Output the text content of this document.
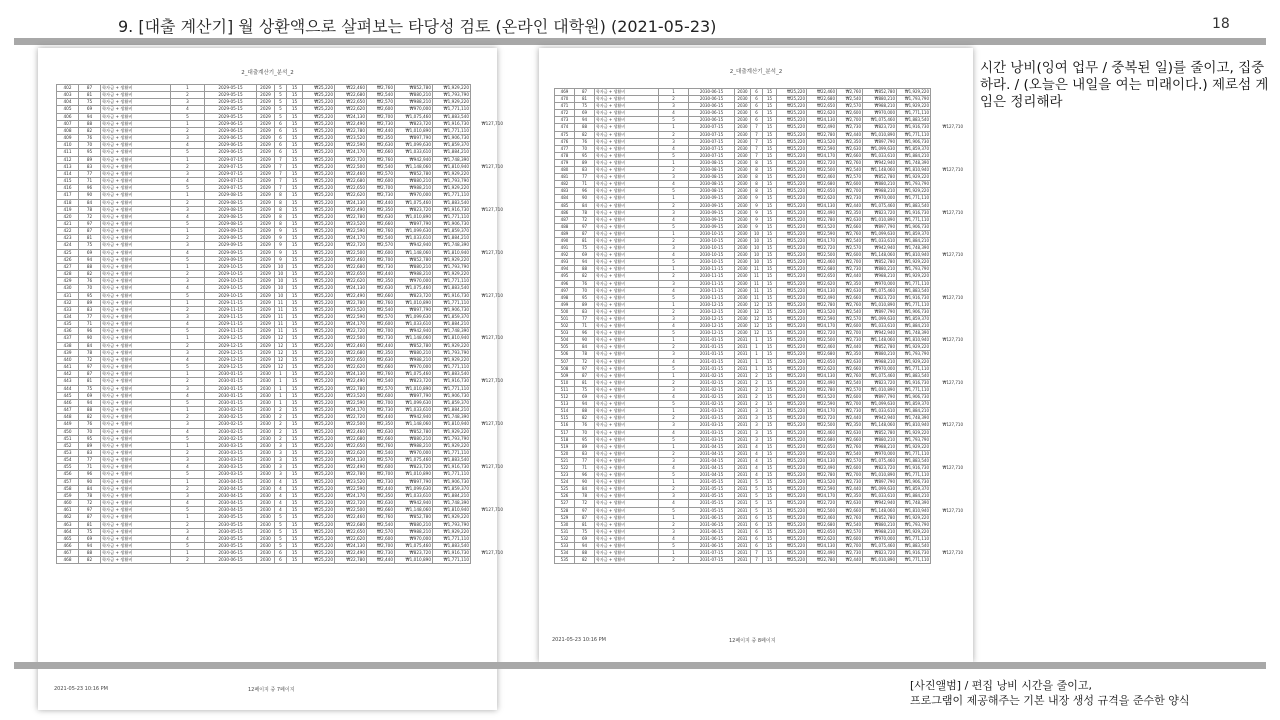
9. [대출 계산기] 월 상환액으로 살펴보는 타당성 검토 (온라인 대학원) (2021-05-23)	18
2_대출계산기_분석_2
402	87	학자금 + 생활비	1	2029-05-15	2029	5	15	₩25,220	₩22,460	₩2,760	₩852,780	₩1,929,220		
403	81	학자금 + 생활비	2	2029-05-15	2029	5	15	₩25,220	₩22,680	₩2,540	₩880,210	₩1,793,790		
404	75	학자금 + 생활비	3	2029-05-15	2029	5	15	₩25,220	₩22,650	₩2,570	₩988,210	₩1,929,220		
405	69	학자금 + 생활비	4	2029-05-15	2029	5	15	₩25,220	₩22,620	₩2,600	₩970,000	₩1,771,110		
406	94	학자금 + 생활비	5	2029-05-15	2029	5	15	₩25,220	₩24,130	₩2,700	₩1,075,460	₩1,883,540		
407	88	학자금 + 생활비	1	2029-06-15	2029	6	15	₩25,220	₩22,490	₩2,730	₩823,720	₩1,916,730	₩127,710	
408	82	학자금 + 생활비	2	2029-06-15	2029	6	15	₩25,220	₩22,780	₩2,440	₩1,010,890	₩1,771,110		
409	76	학자금 + 생활비	3	2029-06-15	2029	6	15	₩25,220	₩23,520	₩2,350	₩897,790	₩1,906,730		
410	70	학자금 + 생활비	4	2029-06-15	2029	6	15	₩25,220	₩22,590	₩2,630	₩1,099,630	₩1,859,370		
411	95	학자금 + 생활비	5	2029-06-15	2029	6	15	₩25,220	₩24,170	₩2,660	₩1,033,610	₩1,884,210		
412	89	학자금 + 생활비	1	2029-07-15	2029	7	15	₩25,220	₩22,720	₩2,760	₩942,940	₩1,748,390		
413	83	학자금 + 생활비	2	2029-07-15	2029	7	15	₩25,220	₩22,500	₩2,540	₩1,148,060	₩1,810,940	₩127,710	
414	77	학자금 + 생활비	3	2029-07-15	2029	7	15	₩25,220	₩22,460	₩2,570	₩852,780	₩1,929,220		
415	71	학자금 + 생활비	4	2029-07-15	2029	7	15	₩25,220	₩22,680	₩2,600	₩880,210	₩1,793,790		
416	96	학자금 + 생활비	5	2029-07-15	2029	7	15	₩25,220	₩22,650	₩2,700	₩988,210	₩1,929,220		
417	90	학자금 + 생활비	1	2029-08-15	2029	8	15	₩25,220	₩22,620	₩2,730	₩970,000	₩1,771,110		
418	84	학자금 + 생활비	2	2029-08-15	2029	8	15	₩25,220	₩24,130	₩2,440	₩1,075,460	₩1,883,540		
419	78	학자금 + 생활비	3	2029-08-15	2029	8	15	₩25,220	₩22,490	₩2,350	₩823,720	₩1,916,730	₩127,710	
420	72	학자금 + 생활비	4	2029-08-15	2029	8	15	₩25,220	₩22,780	₩2,630	₩1,010,890	₩1,771,110		
421	97	학자금 + 생활비	5	2029-08-15	2029	8	15	₩25,220	₩23,520	₩2,660	₩897,790	₩1,906,730		
422	87	학자금 + 생활비	1	2029-09-15	2029	9	15	₩25,220	₩22,590	₩2,760	₩1,099,630	₩1,859,370		
423	81	학자금 + 생활비	2	2029-09-15	2029	9	15	₩25,220	₩24,170	₩2,540	₩1,033,610	₩1,884,210		
424	75	학자금 + 생활비	3	2029-09-15	2029	9	15	₩25,220	₩22,720	₩2,570	₩942,940	₩1,748,390		
425	69	학자금 + 생활비	4	2029-09-15	2029	9	15	₩25,220	₩22,500	₩2,600	₩1,148,060	₩1,810,940	₩127,710	
426	94	학자금 + 생활비	5	2029-09-15	2029	9	15	₩25,220	₩22,460	₩2,700	₩852,780	₩1,929,220		
427	88	학자금 + 생활비	1	2029-10-15	2029	10	15	₩25,220	₩22,680	₩2,730	₩880,210	₩1,793,790		
428	82	학자금 + 생활비	2	2029-10-15	2029	10	15	₩25,220	₩22,650	₩2,440	₩988,210	₩1,929,220		
429	76	학자금 + 생활비	3	2029-10-15	2029	10	15	₩25,220	₩22,620	₩2,350	₩970,000	₩1,771,110		
430	70	학자금 + 생활비	4	2029-10-15	2029	10	15	₩25,220	₩24,130	₩2,630	₩1,075,460	₩1,883,540		
431	95	학자금 + 생활비	5	2029-10-15	2029	10	15	₩25,220	₩22,490	₩2,660	₩823,720	₩1,916,730	₩127,710	
432	89	학자금 + 생활비	1	2029-11-15	2029	11	15	₩25,220	₩22,780	₩2,760	₩1,010,890	₩1,771,110		
433	83	학자금 + 생활비	2	2029-11-15	2029	11	15	₩25,220	₩23,520	₩2,540	₩897,790	₩1,906,730		
434	77	학자금 + 생활비	3	2029-11-15	2029	11	15	₩25,220	₩22,590	₩2,570	₩1,099,630	₩1,859,370		
435	71	학자금 + 생활비	4	2029-11-15	2029	11	15	₩25,220	₩24,170	₩2,600	₩1,033,610	₩1,884,210		
436	96	학자금 + 생활비	5	2029-11-15	2029	11	15	₩25,220	₩22,720	₩2,700	₩942,940	₩1,748,390		
437	90	학자금 + 생활비	1	2029-12-15	2029	12	15	₩25,220	₩22,500	₩2,730	₩1,148,060	₩1,810,940	₩127,710	
438	84	학자금 + 생활비	2	2029-12-15	2029	12	15	₩25,220	₩22,460	₩2,440	₩852,780	₩1,929,220		
439	78	학자금 + 생활비	3	2029-12-15	2029	12	15	₩25,220	₩22,680	₩2,350	₩880,210	₩1,793,790		
440	72	학자금 + 생활비	4	2029-12-15	2029	12	15	₩25,220	₩22,650	₩2,630	₩988,210	₩1,929,220		
441	97	학자금 + 생활비	5	2029-12-15	2029	12	15	₩25,220	₩22,620	₩2,660	₩970,000	₩1,771,110		
442	87	학자금 + 생활비	1	2030-01-15	2030	1	15	₩25,220	₩24,130	₩2,760	₩1,075,460	₩1,883,540		
443	81	학자금 + 생활비	2	2030-01-15	2030	1	15	₩25,220	₩22,490	₩2,540	₩823,720	₩1,916,730	₩127,710	
444	75	학자금 + 생활비	3	2030-01-15	2030	1	15	₩25,220	₩22,780	₩2,570	₩1,010,890	₩1,771,110		
445	69	학자금 + 생활비	4	2030-01-15	2030	1	15	₩25,220	₩23,520	₩2,600	₩897,790	₩1,906,730		
446	94	학자금 + 생활비	5	2030-01-15	2030	1	15	₩25,220	₩22,590	₩2,700	₩1,099,630	₩1,859,370		
447	88	학자금 + 생활비	1	2030-02-15	2030	2	15	₩25,220	₩24,170	₩2,730	₩1,033,610	₩1,884,210		
448	82	학자금 + 생활비	2	2030-02-15	2030	2	15	₩25,220	₩22,720	₩2,440	₩942,940	₩1,748,390		
449	76	학자금 + 생활비	3	2030-02-15	2030	2	15	₩25,220	₩22,500	₩2,350	₩1,148,060	₩1,810,940	₩127,710	
450	70	학자금 + 생활비	4	2030-02-15	2030	2	15	₩25,220	₩22,460	₩2,630	₩852,780	₩1,929,220		
451	95	학자금 + 생활비	5	2030-02-15	2030	2	15	₩25,220	₩22,680	₩2,660	₩880,210	₩1,793,790		
452	89	학자금 + 생활비	1	2030-03-15	2030	3	15	₩25,220	₩22,650	₩2,760	₩988,210	₩1,929,220		
453	83	학자금 + 생활비	2	2030-03-15	2030	3	15	₩25,220	₩22,620	₩2,540	₩970,000	₩1,771,110		
454	77	학자금 + 생활비	3	2030-03-15	2030	3	15	₩25,220	₩24,130	₩2,570	₩1,075,460	₩1,883,540		
455	71	학자금 + 생활비	4	2030-03-15	2030	3	15	₩25,220	₩22,490	₩2,600	₩823,720	₩1,916,730	₩127,710	
456	96	학자금 + 생활비	5	2030-03-15	2030	3	15	₩25,220	₩22,780	₩2,700	₩1,010,890	₩1,771,110		
457	90	학자금 + 생활비	1	2030-04-15	2030	4	15	₩25,220	₩23,520	₩2,730	₩897,790	₩1,906,730		
458	84	학자금 + 생활비	2	2030-04-15	2030	4	15	₩25,220	₩22,590	₩2,440	₩1,099,630	₩1,859,370		
459	78	학자금 + 생활비	3	2030-04-15	2030	4	15	₩25,220	₩24,170	₩2,350	₩1,033,610	₩1,884,210		
460	72	학자금 + 생활비	4	2030-04-15	2030	4	15	₩25,220	₩22,720	₩2,630	₩942,940	₩1,748,390		
461	97	학자금 + 생활비	5	2030-04-15	2030	4	15	₩25,220	₩22,500	₩2,660	₩1,148,060	₩1,810,940	₩127,710	
462	87	학자금 + 생활비	1	2030-05-15	2030	5	15	₩25,220	₩22,460	₩2,760	₩852,780	₩1,929,220		
463	81	학자금 + 생활비	2	2030-05-15	2030	5	15	₩25,220	₩22,680	₩2,540	₩880,210	₩1,793,790		
464	75	학자금 + 생활비	3	2030-05-15	2030	5	15	₩25,220	₩22,650	₩2,570	₩988,210	₩1,929,220		
465	69	학자금 + 생활비	4	2030-05-15	2030	5	15	₩25,220	₩22,620	₩2,600	₩970,000	₩1,771,110		
466	94	학자금 + 생활비	5	2030-05-15	2030	5	15	₩25,220	₩24,130	₩2,700	₩1,075,460	₩1,883,540		
467	88	학자금 + 생활비	1	2030-06-15	2030	6	15	₩25,220	₩22,490	₩2,730	₩823,720	₩1,916,730	₩127,710	
468	82	학자금 + 생활비	2	2030-06-15	2030	6	15	₩25,220	₩22,780	₩2,440	₩1,010,890	₩1,771,110		
2021-05-23 10:16 PM	12페이지 중 7페이지
2_대출계산기_분석_2
469	87	학자금 + 생활비	1	2030-06-15	2030	6	15	₩25,220	₩22,460	₩2,760	₩852,780	₩1,929,220		
470	81	학자금 + 생활비	2	2030-06-15	2030	6	15	₩25,220	₩22,680	₩2,540	₩880,210	₩1,793,790		
471	75	학자금 + 생활비	3	2030-06-15	2030	6	15	₩25,220	₩22,650	₩2,570	₩988,210	₩1,929,220		
472	69	학자금 + 생활비	4	2030-06-15	2030	6	15	₩25,220	₩22,620	₩2,600	₩970,000	₩1,771,110		
473	94	학자금 + 생활비	5	2030-06-15	2030	6	15	₩25,220	₩24,130	₩2,700	₩1,075,460	₩1,883,540		
474	88	학자금 + 생활비	1	2030-07-15	2030	7	15	₩25,220	₩22,490	₩2,730	₩823,720	₩1,916,730	₩127,710	
475	82	학자금 + 생활비	2	2030-07-15	2030	7	15	₩25,220	₩22,780	₩2,440	₩1,010,890	₩1,771,110		
476	76	학자금 + 생활비	3	2030-07-15	2030	7	15	₩25,220	₩23,520	₩2,350	₩897,790	₩1,906,730		
477	70	학자금 + 생활비	4	2030-07-15	2030	7	15	₩25,220	₩22,590	₩2,630	₩1,099,630	₩1,859,370		
478	95	학자금 + 생활비	5	2030-07-15	2030	7	15	₩25,220	₩24,170	₩2,660	₩1,033,610	₩1,884,210		
479	89	학자금 + 생활비	1	2030-08-15	2030	8	15	₩25,220	₩22,720	₩2,760	₩942,940	₩1,748,390		
480	83	학자금 + 생활비	2	2030-08-15	2030	8	15	₩25,220	₩22,500	₩2,540	₩1,148,060	₩1,810,940	₩127,710	
481	77	학자금 + 생활비	3	2030-08-15	2030	8	15	₩25,220	₩22,460	₩2,570	₩852,780	₩1,929,220		
482	71	학자금 + 생활비	4	2030-08-15	2030	8	15	₩25,220	₩22,680	₩2,600	₩880,210	₩1,793,790		
483	96	학자금 + 생활비	5	2030-08-15	2030	8	15	₩25,220	₩22,650	₩2,700	₩988,210	₩1,929,220		
484	90	학자금 + 생활비	1	2030-09-15	2030	9	15	₩25,220	₩22,620	₩2,730	₩970,000	₩1,771,110		
485	84	학자금 + 생활비	2	2030-09-15	2030	9	15	₩25,220	₩24,130	₩2,440	₩1,075,460	₩1,883,540		
486	78	학자금 + 생활비	3	2030-09-15	2030	9	15	₩25,220	₩22,490	₩2,350	₩823,720	₩1,916,730	₩127,710	
487	72	학자금 + 생활비	4	2030-09-15	2030	9	15	₩25,220	₩22,780	₩2,630	₩1,010,890	₩1,771,110		
488	97	학자금 + 생활비	5	2030-09-15	2030	9	15	₩25,220	₩23,520	₩2,660	₩897,790	₩1,906,730		
489	87	학자금 + 생활비	1	2030-10-15	2030	10	15	₩25,220	₩22,590	₩2,760	₩1,099,630	₩1,859,370		
490	81	학자금 + 생활비	2	2030-10-15	2030	10	15	₩25,220	₩24,170	₩2,540	₩1,033,610	₩1,884,210		
491	75	학자금 + 생활비	3	2030-10-15	2030	10	15	₩25,220	₩22,720	₩2,570	₩942,940	₩1,748,390		
492	69	학자금 + 생활비	4	2030-10-15	2030	10	15	₩25,220	₩22,500	₩2,600	₩1,148,060	₩1,810,940	₩127,710	
493	94	학자금 + 생활비	5	2030-10-15	2030	10	15	₩25,220	₩22,460	₩2,700	₩852,780	₩1,929,220		
494	88	학자금 + 생활비	1	2030-11-15	2030	11	15	₩25,220	₩22,680	₩2,730	₩880,210	₩1,793,790		
495	82	학자금 + 생활비	2	2030-11-15	2030	11	15	₩25,220	₩22,650	₩2,440	₩988,210	₩1,929,220		
496	76	학자금 + 생활비	3	2030-11-15	2030	11	15	₩25,220	₩22,620	₩2,350	₩970,000	₩1,771,110		
497	70	학자금 + 생활비	4	2030-11-15	2030	11	15	₩25,220	₩24,130	₩2,630	₩1,075,460	₩1,883,540		
498	95	학자금 + 생활비	5	2030-11-15	2030	11	15	₩25,220	₩22,490	₩2,660	₩823,720	₩1,916,730	₩127,710	
499	89	학자금 + 생활비	1	2030-12-15	2030	12	15	₩25,220	₩22,780	₩2,760	₩1,010,890	₩1,771,110		
500	83	학자금 + 생활비	2	2030-12-15	2030	12	15	₩25,220	₩23,520	₩2,540	₩897,790	₩1,906,730		
501	77	학자금 + 생활비	3	2030-12-15	2030	12	15	₩25,220	₩22,590	₩2,570	₩1,099,630	₩1,859,370		
502	71	학자금 + 생활비	4	2030-12-15	2030	12	15	₩25,220	₩24,170	₩2,600	₩1,033,610	₩1,884,210		
503	96	학자금 + 생활비	5	2030-12-15	2030	12	15	₩25,220	₩22,720	₩2,700	₩942,940	₩1,748,390		
504	90	학자금 + 생활비	1	2031-01-15	2031	1	15	₩25,220	₩22,500	₩2,730	₩1,148,060	₩1,810,940	₩127,710	
505	84	학자금 + 생활비	2	2031-01-15	2031	1	15	₩25,220	₩22,460	₩2,440	₩852,780	₩1,929,220		
506	78	학자금 + 생활비	3	2031-01-15	2031	1	15	₩25,220	₩22,680	₩2,350	₩880,210	₩1,793,790		
507	72	학자금 + 생활비	4	2031-01-15	2031	1	15	₩25,220	₩22,650	₩2,630	₩988,210	₩1,929,220		
508	97	학자금 + 생활비	5	2031-01-15	2031	1	15	₩25,220	₩22,620	₩2,660	₩970,000	₩1,771,110		
509	87	학자금 + 생활비	1	2031-02-15	2031	2	15	₩25,220	₩24,130	₩2,760	₩1,075,460	₩1,883,540		
510	81	학자금 + 생활비	2	2031-02-15	2031	2	15	₩25,220	₩22,490	₩2,540	₩823,720	₩1,916,730	₩127,710	
511	75	학자금 + 생활비	3	2031-02-15	2031	2	15	₩25,220	₩22,780	₩2,570	₩1,010,890	₩1,771,110		
512	69	학자금 + 생활비	4	2031-02-15	2031	2	15	₩25,220	₩23,520	₩2,600	₩897,790	₩1,906,730		
513	94	학자금 + 생활비	5	2031-02-15	2031	2	15	₩25,220	₩22,590	₩2,700	₩1,099,630	₩1,859,370		
514	88	학자금 + 생활비	1	2031-03-15	2031	3	15	₩25,220	₩24,170	₩2,730	₩1,033,610	₩1,884,210		
515	82	학자금 + 생활비	2	2031-03-15	2031	3	15	₩25,220	₩22,720	₩2,440	₩942,940	₩1,748,390		
516	76	학자금 + 생활비	3	2031-03-15	2031	3	15	₩25,220	₩22,500	₩2,350	₩1,148,060	₩1,810,940	₩127,710	
517	70	학자금 + 생활비	4	2031-03-15	2031	3	15	₩25,220	₩22,460	₩2,630	₩852,780	₩1,929,220		
518	95	학자금 + 생활비	5	2031-03-15	2031	3	15	₩25,220	₩22,680	₩2,660	₩880,210	₩1,793,790		
519	89	학자금 + 생활비	1	2031-04-15	2031	4	15	₩25,220	₩22,650	₩2,760	₩988,210	₩1,929,220		
520	83	학자금 + 생활비	2	2031-04-15	2031	4	15	₩25,220	₩22,620	₩2,540	₩970,000	₩1,771,110		
521	77	학자금 + 생활비	3	2031-04-15	2031	4	15	₩25,220	₩24,130	₩2,570	₩1,075,460	₩1,883,540		
522	71	학자금 + 생활비	4	2031-04-15	2031	4	15	₩25,220	₩22,490	₩2,600	₩823,720	₩1,916,730	₩127,710	
523	96	학자금 + 생활비	5	2031-04-15	2031	4	15	₩25,220	₩22,780	₩2,700	₩1,010,890	₩1,771,110		
524	90	학자금 + 생활비	1	2031-05-15	2031	5	15	₩25,220	₩23,520	₩2,730	₩897,790	₩1,906,730		
525	84	학자금 + 생활비	2	2031-05-15	2031	5	15	₩25,220	₩22,590	₩2,440	₩1,099,630	₩1,859,370		
526	78	학자금 + 생활비	3	2031-05-15	2031	5	15	₩25,220	₩24,170	₩2,350	₩1,033,610	₩1,884,210		
527	72	학자금 + 생활비	4	2031-05-15	2031	5	15	₩25,220	₩22,720	₩2,630	₩942,940	₩1,748,390		
528	97	학자금 + 생활비	5	2031-05-15	2031	5	15	₩25,220	₩22,500	₩2,660	₩1,148,060	₩1,810,940	₩127,710	
529	87	학자금 + 생활비	1	2031-06-15	2031	6	15	₩25,220	₩22,460	₩2,760	₩852,780	₩1,929,220		
530	81	학자금 + 생활비	2	2031-06-15	2031	6	15	₩25,220	₩22,680	₩2,540	₩880,210	₩1,793,790		
531	75	학자금 + 생활비	3	2031-06-15	2031	6	15	₩25,220	₩22,650	₩2,570	₩988,210	₩1,929,220		
532	69	학자금 + 생활비	4	2031-06-15	2031	6	15	₩25,220	₩22,620	₩2,600	₩970,000	₩1,771,110		
533	94	학자금 + 생활비	5	2031-06-15	2031	6	15	₩25,220	₩24,130	₩2,700	₩1,075,460	₩1,883,540		
534	88	학자금 + 생활비	1	2031-07-15	2031	7	15	₩25,220	₩22,490	₩2,730	₩823,720	₩1,916,730	₩127,710	
535	82	학자금 + 생활비	2	2031-07-15	2031	7	15	₩25,220	₩22,780	₩2,440	₩1,010,890	₩1,771,110		
2021-05-23 10:16 PM	12페이지 중 8페이지
시간 낭비(잉여 업무 / 중복된 일)를 줄이고, 집중하라. / (오늘은 내일을 여는 미래이다.) 제로섬 게임은 정리해라
[사진앨범] / 편집 낭비 시간을 줄이고,
프로그램이 제공해주는 기본 내장 생성 규격을 준수한 양식
